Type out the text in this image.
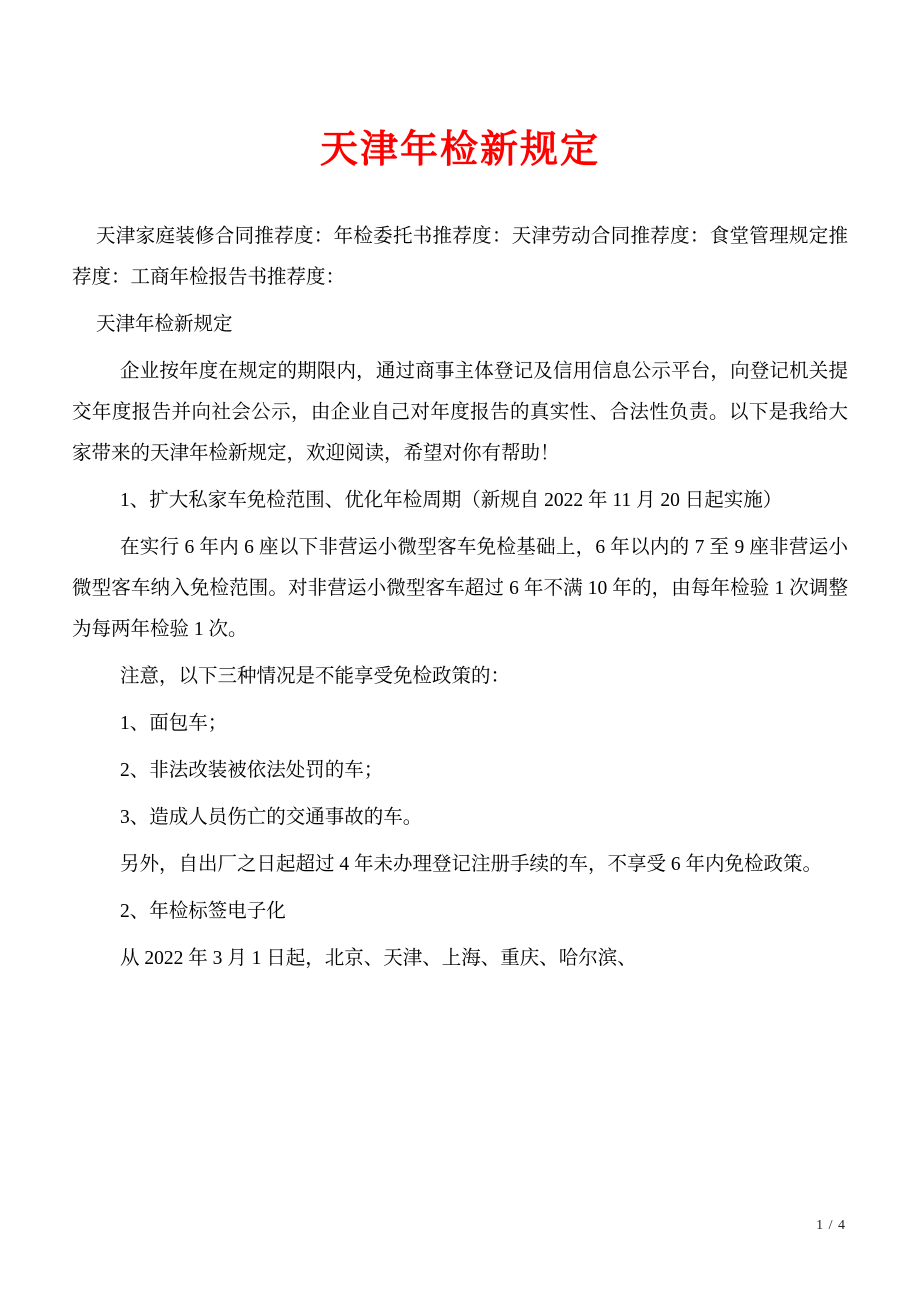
天津年检新规定

天津家庭装修合同推荐度：年检委托书推荐度：天津劳动合同推荐度：食堂管理规定推荐度：工商年检报告书推荐度：

天津年检新规定

企业按年度在规定的期限内，通过商事主体登记及信用信息公示平台，向登记机关提交年度报告并向社会公示，由企业自己对年度报告的真实性、合法性负责。以下是我给大家带来的天津年检新规定，欢迎阅读，希望对你有帮助！

1、扩大私家车免检范围、优化年检周期（新规自 2022 年 11 月 20 日起实施）

在实行 6 年内 6 座以下非营运小微型客车免检基础上，6 年以内的 7 至 9 座非营运小微型客车纳入免检范围。对非营运小微型客车超过 6 年不满 10 年的，由每年检验 1 次调整为每两年检验 1 次。

注意，以下三种情况是不能享受免检政策的：

1、面包车；

2、非法改装被依法处罚的车；

3、造成人员伤亡的交通事故的车。

另外，自出厂之日起超过 4 年未办理登记注册手续的车，不享受 6 年内免检政策。

2、年检标签电子化

从 2022 年 3 月 1 日起，北京、天津、上海、重庆、哈尔滨、

1 / 4
